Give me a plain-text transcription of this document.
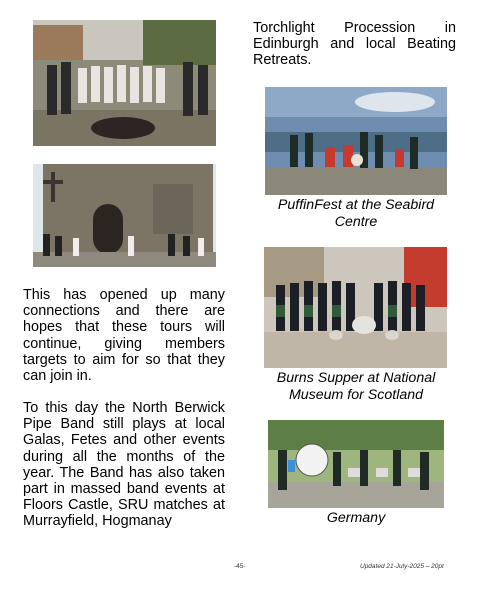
This has opened up many connections and there are hopes that these tours will continue, giving members targets to aim for so that they can join in.

To this day the North Berwick Pipe Band still plays at local Galas, Fetes and other events during all the months of the year. The Band has also taken part in massed band events at Floors Castle, SRU matches at Murrayfield, Hogmanay

Torchlight Procession in Edinburgh and local Beating Retreats.

PuffinFest at the Seabird Centre
Burns Supper at National Museum for Scotland
Germany
-45-	Updated 21-July-2025 – 20pt
